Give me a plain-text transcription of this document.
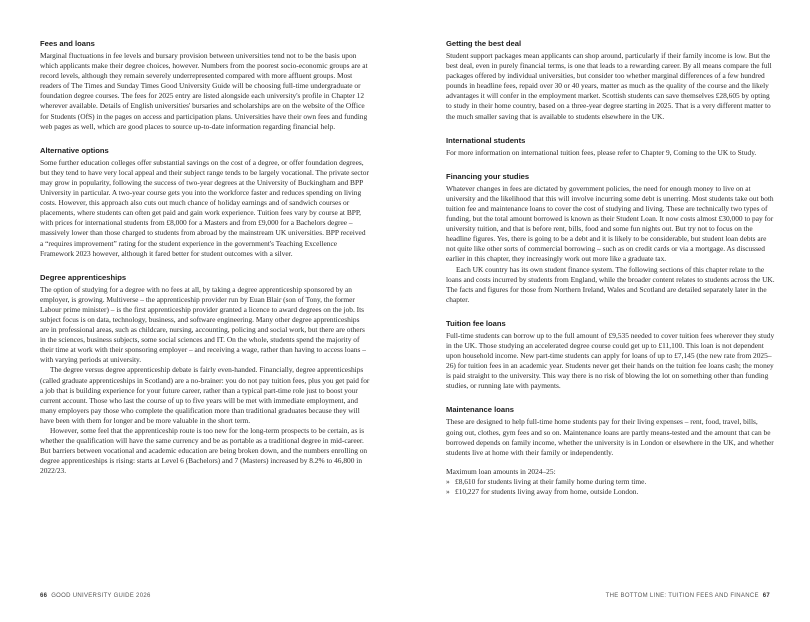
Fees and loans

Marginal fluctuations in fee levels and bursary provision between universities tend not to be the basis upon which applicants make their degree choices, however. Numbers from the poorest socio-economic groups are at record levels, although they remain severely underrepresented compared with more affluent groups. Most readers of The Times and Sunday Times Good University Guide will be choosing full-time undergraduate or foundation degree courses. The fees for 2025 entry are listed alongside each university's profile in Chapter 12 wherever available. Details of English universities' bursaries and scholarships are on the website of the Office for Students (OfS) in the pages on access and participation plans. Universities have their own fees and funding web pages as well, which are good places to source up-to-date information regarding financial help.

Alternative options

Some further education colleges offer substantial savings on the cost of a degree, or offer foundation degrees, but they tend to have very local appeal and their subject range tends to be largely vocational. The private sector may grow in popularity, following the success of two-year degrees at the University of Buckingham and BPP University in particular. A two-year course gets you into the workforce faster and reduces spending on living costs. However, this approach also cuts out much chance of holiday earnings and of sandwich courses or placements, where students can often get paid and gain work experience. Tuition fees vary by course at BPP, with prices for international students from £8,000 for a Masters and from £9,000 for a Bachelors degree – massively lower than those charged to students from abroad by the mainstream UK universities. BPP received a “requires improvement” rating for the student experience in the government's Teaching Excellence Framework 2023 however, although it fared better for student outcomes with a silver.

Degree apprenticeships

The option of studying for a degree with no fees at all, by taking a degree apprenticeship sponsored by an employer, is growing. Multiverse – the apprenticeship provider run by Euan Blair (son of Tony, the former Labour prime minister) – is the first apprenticeship provider granted a licence to award degrees on the job. Its subject focus is on data, technology, business, and software engineering. Many other degree apprenticeships are in professional areas, such as childcare, nursing, accounting, policing and social work, but there are others in the sciences, business subjects, some social sciences and IT. On the whole, students spend the majority of their time at work with their sponsoring employer – and receiving a wage, rather than having to access loans – with varying periods at university.

The degree versus degree apprenticeship debate is fairly even-handed. Financially, degree apprenticeships (called graduate apprenticeships in Scotland) are a no-brainer: you do not pay tuition fees, plus you get paid for a job that is building experience for your future career, rather than a typical part-time role just to boost your current account. Those who last the course of up to five years will be met with immediate employment, and many employers pay those who complete the qualification more than traditional graduates because they will have been with them for longer and be more valuable in the short term.

However, some feel that the apprenticeship route is too new for the long-term prospects to be certain, as is whether the qualification will have the same currency and be as portable as a traditional degree in mid-career. But barriers between vocational and academic education are being broken down, and the numbers enrolling on degree apprenticeships is rising: starts at Level 6 (Bachelors) and 7 (Masters) increased by 8.2% to 46,800 in 2022/23.

Getting the best deal

Student support packages mean applicants can shop around, particularly if their family income is low. But the best deal, even in purely financial terms, is one that leads to a rewarding career. By all means compare the full packages offered by individual universities, but consider too whether marginal differences of a few hundred pounds in headline fees, repaid over 30 or 40 years, matter as much as the quality of the course and the likely advantages it will confer in the employment market. Scottish students can save themselves £28,605 by opting to study in their home country, based on a three-year degree starting in 2025. That is a very different matter to the much smaller saving that is available to students elsewhere in the UK.

International students

For more information on international tuition fees, please refer to Chapter 9, Coming to the UK to Study.

Financing your studies

Whatever changes in fees are dictated by government policies, the need for enough money to live on at university and the likelihood that this will involve incurring some debt is unerring. Most students take out both tuition fee and maintenance loans to cover the cost of studying and living. These are technically two types of funding, but the total amount borrowed is known as their Student Loan. It now costs almost £30,000 to pay for university tuition, and that is before rent, bills, food and some fun nights out. But try not to focus on the headline figures. Yes, there is going to be a debt and it is likely to be considerable, but student loan debts are not quite like other sorts of commercial borrowing – such as on credit cards or via a mortgage. As discussed earlier in this chapter, they increasingly work out more like a graduate tax.

Each UK country has its own student finance system. The following sections of this chapter relate to the loans and costs incurred by students from England, while the broader content relates to students across the UK. The facts and figures for those from Northern Ireland, Wales and Scotland are detailed separately later in the chapter.

Tuition fee loans

Full-time students can borrow up to the full amount of £9,535 needed to cover tuition fees wherever they study in the UK. Those studying an accelerated degree course could get up to £11,100. This loan is not dependent upon household income. New part-time students can apply for loans of up to £7,145 (the new rate from 2025–26) for tuition fees in an academic year. Students never get their hands on the tuition fee loans cash; the money is paid straight to the university. This way there is no risk of blowing the lot on something other than funding studies, or running late with payments.

Maintenance loans

These are designed to help full-time home students pay for their living expenses – rent, food, travel, bills, going out, clothes, gym fees and so on. Maintenance loans are partly means-tested and the amount that can be borrowed depends on family income, whether the university is in London or elsewhere in the UK, and whether students live at home with their family or independently.

Maximum loan amounts in 2024–25:

» £8,610 for students living at their family home during term time.
» £10,227 for students living away from home, outside London.
66 GOOD UNIVERSITY GUIDE 2026	THE BOTTOM LINE: TUITION FEES AND FINANCE 67
